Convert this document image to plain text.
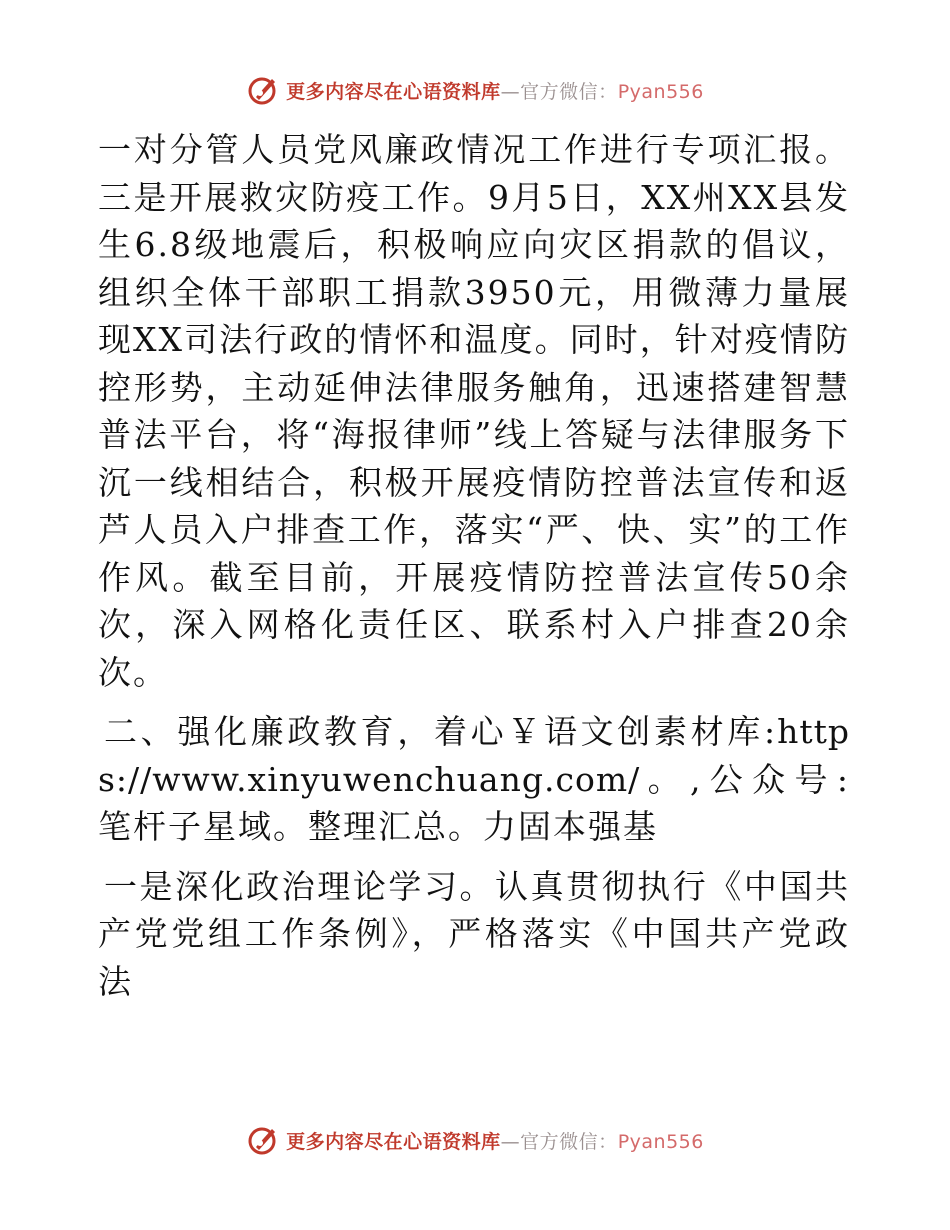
更多内容尽在心语资料库—官方微信：Pyan556

一对分管人员党风廉政情况工作进行专项汇报。三是开展救灾防疫工作。9月5日，XX州XX县发生6.8级地震后，积极响应向灾区捐款的倡议，组织全体干部职工捐款3950元，用微薄力量展现XX司法行政的情怀和温度。同时，针对疫情防控形势，主动延伸法律服务触角，迅速搭建智慧普法平台，将“海报律师”线上答疑与法律服务下沉一线相结合，积极开展疫情防控普法宣传和返芦人员入户排查工作，落实“严、快、实”的工作作风。截至目前，开展疫情防控普法宣传50余次，深入网格化责任区、联系村入户排查20余次。

二、强化廉政教育，着心￥语文创素材库:https://www.xinyuwenchuang.com/。,公众号: 笔杆子星域。整理汇总。力固本强基

一是深化政治理论学习。认真贯彻执行《中国共产党党组工作条例》，严格落实《中国共产党政法

更多内容尽在心语资料库—官方微信：Pyan556
